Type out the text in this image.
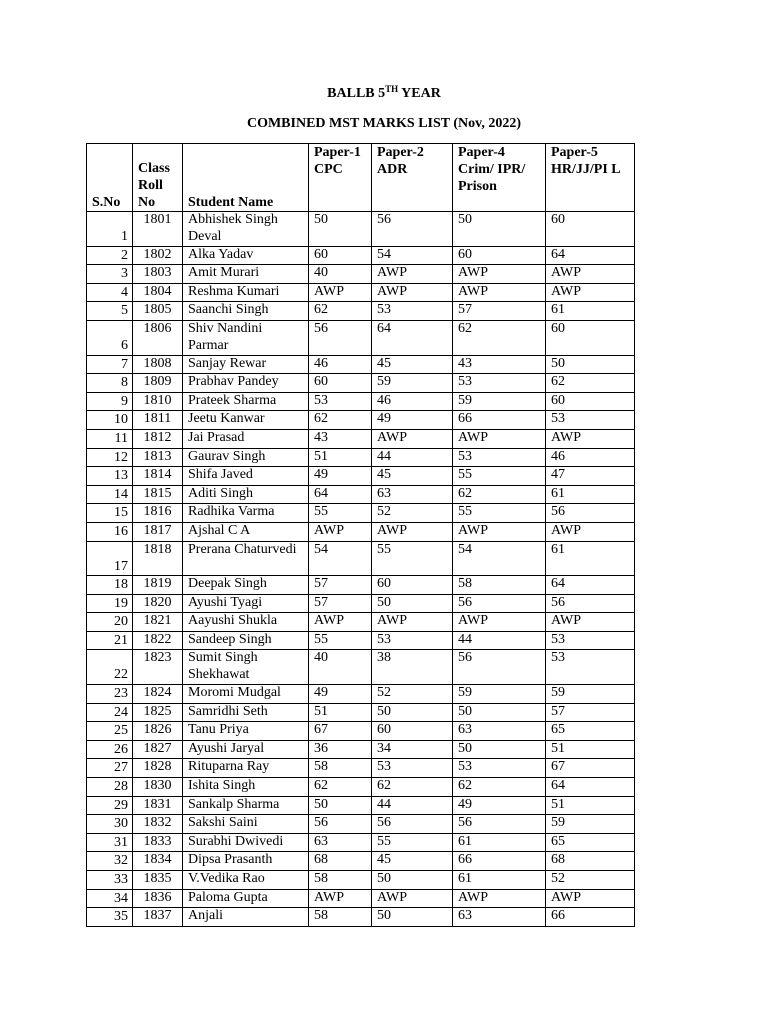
BALLB 5TH YEAR
COMBINED MST MARKS LIST (Nov, 2022)
S.No	Class Roll No	Student Name	Paper-1 CPC	Paper-2 ADR	Paper-4 Crim/ IPR/ Prison	Paper-5 HR/JJ/PI L
1	1801	Abhishek Singh Deval	50	56	50	60
2	1802	Alka Yadav	60	54	60	64
3	1803	Amit Murari	40	AWP	AWP	AWP
4	1804	Reshma Kumari	AWP	AWP	AWP	AWP
5	1805	Saanchi Singh	62	53	57	61
6	1806	Shiv Nandini Parmar	56	64	62	60
7	1808	Sanjay Rewar	46	45	43	50
8	1809	Prabhav Pandey	60	59	53	62
9	1810	Prateek Sharma	53	46	59	60
10	1811	Jeetu Kanwar	62	49	66	53
11	1812	Jai Prasad	43	AWP	AWP	AWP
12	1813	Gaurav Singh	51	44	53	46
13	1814	Shifa Javed	49	45	55	47
14	1815	Aditi Singh	64	63	62	61
15	1816	Radhika Varma	55	52	55	56
16	1817	Ajshal C A	AWP	AWP	AWP	AWP
17	1818	Prerana Chaturvedi	54	55	54	61
18	1819	Deepak Singh	57	60	58	64
19	1820	Ayushi Tyagi	57	50	56	56
20	1821	Aayushi Shukla	AWP	AWP	AWP	AWP
21	1822	Sandeep Singh	55	53	44	53
22	1823	Sumit Singh Shekhawat	40	38	56	53
23	1824	Moromi Mudgal	49	52	59	59
24	1825	Samridhi Seth	51	50	50	57
25	1826	Tanu Priya	67	60	63	65
26	1827	Ayushi Jaryal	36	34	50	51
27	1828	Rituparna Ray	58	53	53	67
28	1830	Ishita Singh	62	62	62	64
29	1831	Sankalp Sharma	50	44	49	51
30	1832	Sakshi Saini	56	56	56	59
31	1833	Surabhi Dwivedi	63	55	61	65
32	1834	Dipsa Prasanth	68	45	66	68
33	1835	V.Vedika Rao	58	50	61	52
34	1836	Paloma Gupta	AWP	AWP	AWP	AWP
35	1837	Anjali	58	50	63	66
